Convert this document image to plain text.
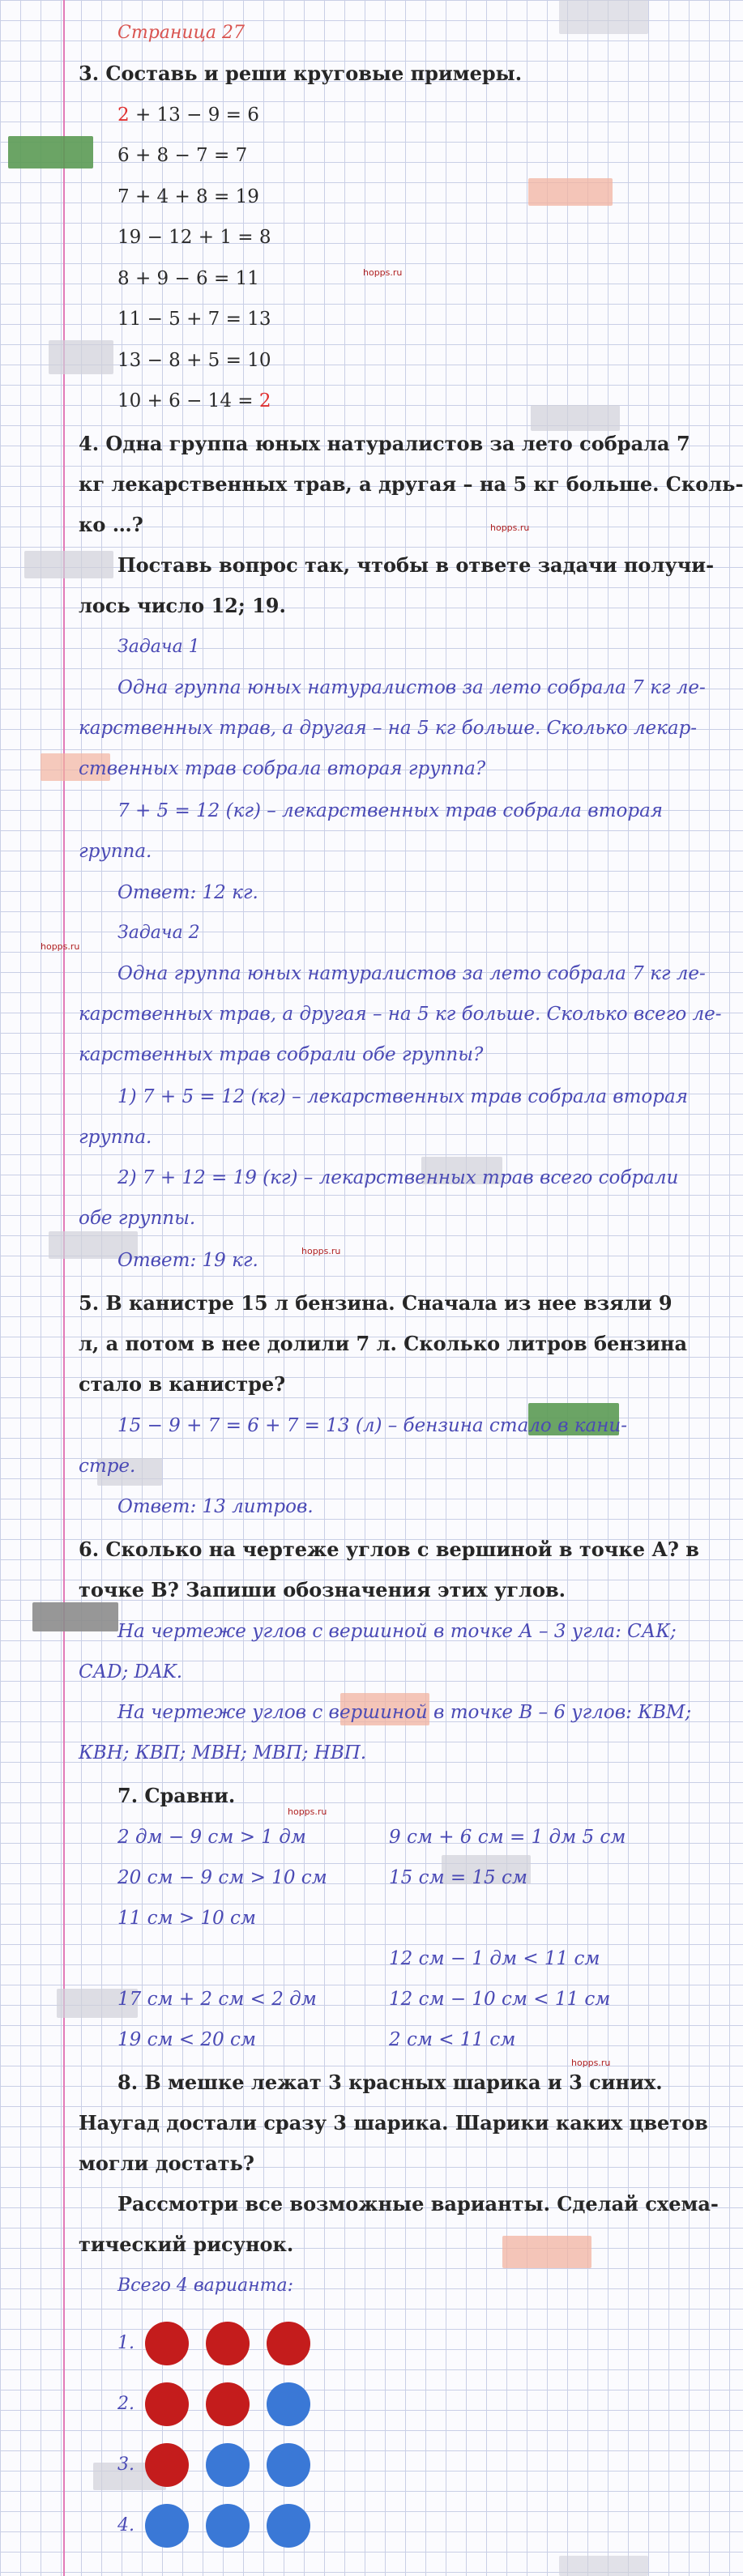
hopps.ru
hopps.ru
hopps.ru
hopps.ru
hopps.ru
hopps.ru
Страница 27
3. Составь и реши круговые примеры.
2 + 13 − 9 = 6
6 + 8 − 7 = 7
7 + 4 + 8 = 19
19 − 12 + 1 = 8
8 + 9 − 6 = 11
11 − 5 + 7 = 13
13 − 8 + 5 = 10
10 + 6 − 14 = 2
4. Одна группа юных натуралистов за лето собрала 7
кг лекарственных трав, а другая – на 5 кг больше. Сколь-
ко …?
Поставь вопрос так, чтобы в ответе задачи получи-
лось число 12; 19.
Задача 1
Одна группа юных натуралистов за лето собрала 7 кг ле-
карственных трав, а другая – на 5 кг больше. Сколько лекар-
ственных трав собрала вторая группа?
7 + 5 = 12 (кг) – лекарственных трав собрала вторая
группа.
Ответ: 12 кг.
Задача 2
Одна группа юных натуралистов за лето собрала 7 кг ле-
карственных трав, а другая – на 5 кг больше. Сколько всего ле-
карственных трав собрали обе группы?
1) 7 + 5 = 12 (кг) – лекарственных трав собрала вторая
группа.
2) 7 + 12 = 19 (кг) – лекарственных трав всего собрали
обе группы.
Ответ: 19 кг.
5. В канистре 15 л бензина. Сначала из нее взяли 9
л, а потом в нее долили 7 л. Сколько литров бензина
стало в канистре?
15 − 9 + 7 = 6 + 7 = 13 (л) – бензина стало в кани-
стре.
Ответ: 13 литров.
6. Сколько на чертеже углов с вершиной в точке А? в
точке В? Запиши обозначения этих углов.
На чертеже углов с вершиной в точке А – 3 угла: САК;
САD; DAK.
На чертеже углов с вершиной в точке В – 6 углов: КВМ;
КВН; КВП; МВН; МВП; НВП.
7. Сравни.
2 дм − 9 см > 1 дм
20 см − 9 см > 10 см
11 см > 10 см
17 см + 2 см < 2 дм
19 см < 20 см
9 см + 6 см = 1 дм 5 см
15 см = 15 см
12 см − 1 дм < 11 см
12 см − 10 см < 11 см
2 см < 11 см
8. В мешке лежат 3 красных шарика и 3 синих.
Наугад достали сразу 3 шарика. Шарики каких цветов
могли достать?
Рассмотри все возможные варианты. Сделай схема-
тический рисунок.
Всего 4 варианта:
1.
2.
3.
4.
